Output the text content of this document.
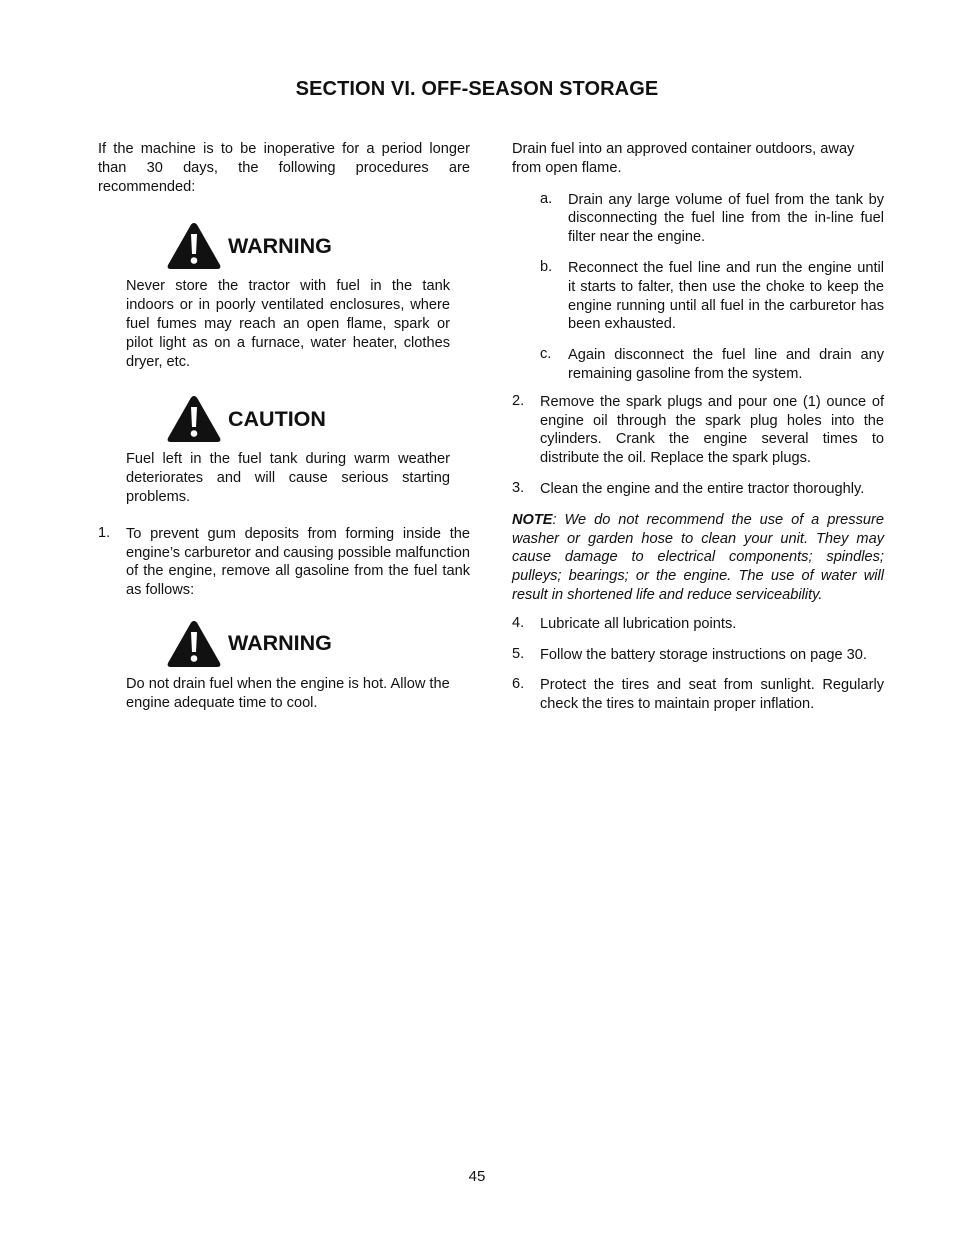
SECTION VI. OFF-SEASON STORAGE

If the machine is to be inoperative for a period longer than 30 days, the following procedures are recommended:

WARNING

Never store the tractor with fuel in the tank indoors or in poorly ventilated enclosures, where fuel fumes may reach an open flame, spark or pilot light as on a furnace, water heater, clothes dryer, etc.

CAUTION

Fuel left in the fuel tank during warm weather deteriorates and will cause serious starting problems.

1.	To prevent gum deposits from forming inside the engine’s carburetor and causing possible malfunction of the engine, remove all gasoline from the fuel tank as follows:
WARNING

Do not drain fuel when the engine is hot. Allow the engine adequate time to cool.

Drain fuel into an approved container outdoors, away from open flame.

a.	Drain any large volume of fuel from the tank by disconnecting the fuel line from the in-line fuel filter near the engine.
b.	Reconnect the fuel line and run the engine until it starts to falter, then use the choke to keep the engine running until all fuel in the carburetor has been exhausted.
c.	Again disconnect the fuel line and drain any remaining gasoline from the system.
2.	Remove the spark plugs and pour one (1) ounce of engine oil through the spark plug holes into the cylinders. Crank the engine several times to distribute the oil. Replace the spark plugs.
3.	Clean the engine and the entire tractor thoroughly.

NOTE: We do not recommend the use of a pressure washer or garden hose to clean your unit. They may cause damage to electrical components; spindles; pulleys; bearings; or the engine. The use of water will result in shortened life and reduce serviceability.

4.	Lubricate all lubrication points.
5.	Follow the battery storage instructions on page 30.
6.	Protect the tires and seat from sunlight. Regularly check the tires to maintain proper inflation.
45
